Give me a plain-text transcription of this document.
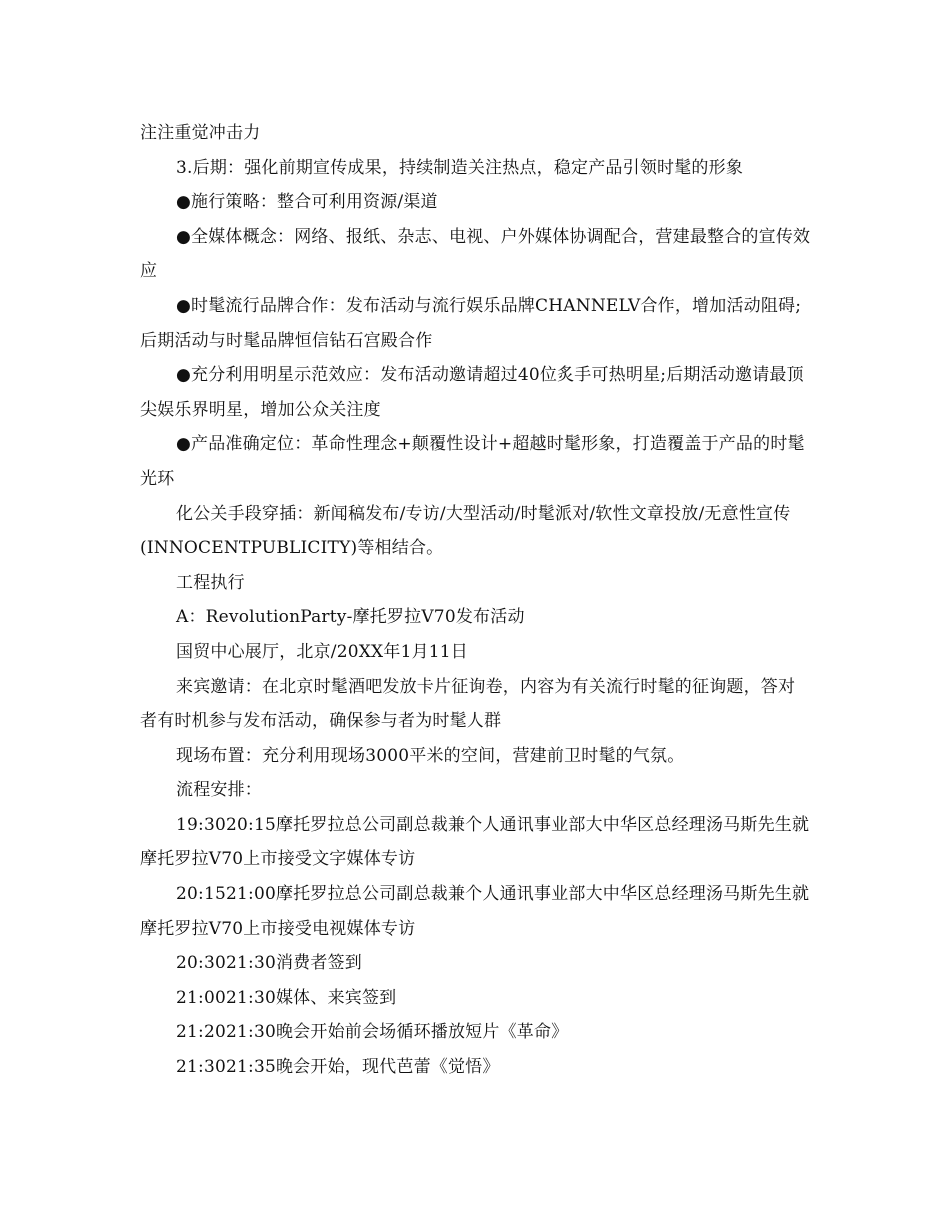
注注重觉冲击力

3.后期：强化前期宣传成果，持续制造关注热点，稳定产品引领时髦的形象

●施行策略：整合可利用资源/渠道

●全媒体概念：网络、报纸、杂志、电视、户外媒体协调配合，营建最整合的宣传效应

●时髦流行品牌合作：发布活动与流行娱乐品牌CHANNELV合作，增加活动阻碍;后期活动与时髦品牌恒信钻石宫殿合作

●充分利用明星示范效应：发布活动邀请超过40位炙手可热明星;后期活动邀请最顶尖娱乐界明星，增加公众关注度

●产品准确定位：革命性理念+颠覆性设计+超越时髦形象，打造覆盖于产品的时髦光环

化公关手段穿插：新闻稿发布/专访/大型活动/时髦派对/软性文章投放/无意性宣传(INNOCENTPUBLICITY)等相结合。

工程执行

A：RevolutionParty-摩托罗拉V70发布活动

国贸中心展厅，北京/20XX年1月11日

来宾邀请：在北京时髦酒吧发放卡片征询卷，内容为有关流行时髦的征询题，答对者有时机参与发布活动，确保参与者为时髦人群

现场布置：充分利用现场3000平米的空间，营建前卫时髦的气氛。

流程安排：

19:3020:15摩托罗拉总公司副总裁兼个人通讯事业部大中华区总经理汤马斯先生就摩托罗拉V70上市接受文字媒体专访

20:1521:00摩托罗拉总公司副总裁兼个人通讯事业部大中华区总经理汤马斯先生就摩托罗拉V70上市接受电视媒体专访

20:3021:30消费者签到

21:0021:30媒体、来宾签到

21:2021:30晚会开始前会场循环播放短片《革命》

21:3021:35晚会开始，现代芭蕾《觉悟》
